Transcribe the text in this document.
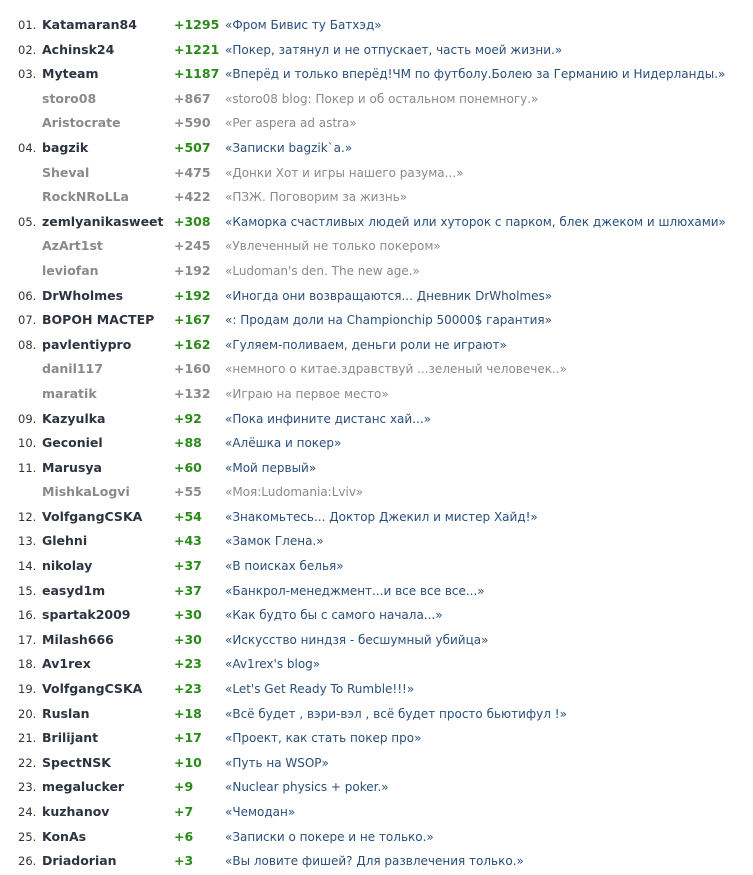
01. Katamaran84	+1295 «Фром Бивис ту Батхэд»
02. Achinsk24	+1221 «Покер, затянул и не отпускает, часть моей жизни.»
03. Myteam	+1187 «Вперёд и только вперёд!ЧМ по футболу.Болею за Германию и Нидерланды.»
storo08	+867 «storo08 blog: Покер и об остальном понемногу.»
Aristocrate	+590 «Per aspera ad astra»
04. bagzik	+507 «Записки bagzik`а.»
Sheval	+475 «Донки Хот и игры нашего разума...»
RockNRoLLa	+422 «ПЗЖ. Поговорим за жизнь»
05. zemlyanikasweet +308 «Каморка счастливых людей или хуторок с парком, блек джеком и шлюхами»
AzArt1st	+245 «Увлеченный не только покером»
leviofan	+192 «Ludoman's den. The new age.»
06. DrWholmes	+192 «Иногда они возвращаются... Дневник DrWholmes»
07. ВОРОН МАСТЕР +167 «: Продам доли на Championchip 50000$ гарантия»
08. pavlentiypro	+162 «Гуляем-поливаем, деньги роли не играют»
danil117	+160 «немного о китае.здравствуй ...зеленый человечек..»
maratik	+132 «Играю на первое место»
09. Kazyulka	+92 «Пока инфините дистанс хай...»
10. Geconiel	+88 «Алёшка и покер»
11. Marusya	+60 «Мой первый»
MishkaLogvi	+55 «Моя:Ludomania:Lviv»
12. VolfgangCSKA	+54 «Знакомьтесь... Доктор Джекил и мистер Хайд!»
13. Glehni	+43 «Замок Глена.»
14. nikolay	+37 «В поисках белья»
15. easyd1m	+37 «Банкрол-менеджмент...и все все все...»
16. spartak2009	+30 «Как будто бы с самого начала...»
17. Milash666	+30 «Искусство ниндзя - бесшумный убийца»
18. Av1rex	+23 «Av1rex's blog»
19. VolfgangCSKA	+23 «Let's Get Ready To Rumble!!!»
20. Ruslan	+18 «Всё будет , вэри-вэл , всё будет просто бьютифул !»
21. Brilijant	+17 «Проект, как стать покер про»
22. SpectNSK	+10 «Путь на WSOP»
23. megalucker	+9	«Nuclear physics + poker.»
24. kuzhanov	+7	«Чемодан»
25. KonAs	+6	«Записки о покере и не только.»
26. Driadorian	+3	«Вы ловите фишей? Для развлечения только.»
